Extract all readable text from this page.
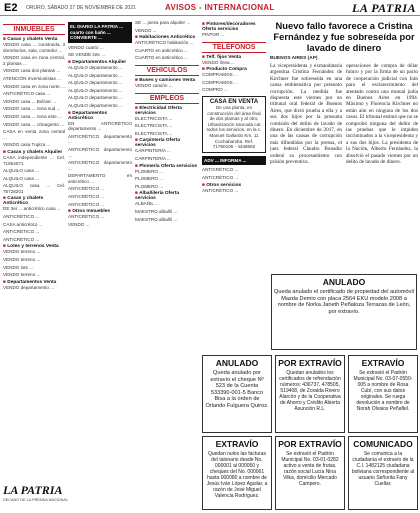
E2 ORURO, SÁBADO 27 DE NOVIEMBRE DE 2021	AVISOS - INTERNACIONAL	LA PATRIA
INMUEBLES
■ Casas y chalets Venta
VENDO casa ... construida, 3 dormitorios, sala, comedor ...
VENDO casa en zona central, 2 plantas ...
VENDO casa dos plantas ...
ATENCIÓN Inversionistas ...
VENDO casa en zona norte ...
ANTICRÉTICO casa ...
VENDO casa ... Bolívar ...
VENDO casa ... zona sud ...
VENDO casa ... zona este ...
VENDO casa ... c/Sargento ...
CASA en venta zona central ...
VENDO casa Tupiza ...
■ Casas y chalets Alquiler
CASA independiente ... Cel. 71854071
ALQUILO casa ...
ALQUILO casa ...
ALQUILO casa ... Cel. 75728201
■ Casas y chalets Anticrético
DE 3er ... anticrético casa ...
ANTICRÉTICO ...
CASA anticrético ...
ANTICRÉTICO ...
ANTICRÉTICO ...
■ Lotes y terrenos Venta
VENDO terreno ...
VENDO terreno ...
VENDO lote ...
VENDO terreno ...
■ Departamentos Venta
VENDO departamento ...
LA PATRIA
DECANO DE LA PRENSA NACIONAL
EL DIARIO LA PATRIA ... cuarto con baño ... CONVIERTE ...
VENDO cuarto ...
SE VENDE lote ...
■ Departamentos Alquiler
ALQUILO departamento ...
ALQUILO departamento ...
ALQUILO departamento ...
ALQUILO departamento ...
ALQUILO departamento ...
ALQUILO departamento ...
■ Departamentos Anticrético
EN ANTICRÉTICO departamento ...
ANTICRÉTICO departamento ...
ANTICRÉTICO departamento ...
ANTICRÉTICO departamento ...
DEPARTAMENTO en anticrético ...
ANTICRÉTICO ...
ANTICRÉTICO ...
ANTICRÉTICO ...
■ Otros Inmuebles
ANTICRÉTICO ...
VENDO ...
SE ... pieza para alquiler ...
VENDO ...
■ Habitaciones Anticrético
ANTICRÉTICO habitación ...
CUARTO en anticrético ...
CUARTO en anticrético ...
VEHÍCULOS
■ Buses y camiones Venta
VENDO camión ...
EMPLEOS
■ Electricidad Oferta servicios
ELECTRICISTA ...
ELECTRICISTA ...
ELECTRICISTA ...
■ Carpintería Oferta servicios
CARPINTERÍA ...
CARPINTERÍA ...
■ Plomería Oferta servicios
PLOMERO ...
PLOMERO ...
PLOMERO ...
■ Albañilería Oferta servicios
ALBAÑIL ...
MAESTRO albañil ...
MAESTRO albañil ...
■ Pintores/decoradores Oferta servicios
PINTOR ...
TELÉFONOS
■ Telf. fijos Venta
VENDO línea ...
■ Producto Compra
COMPRAMOS ...
COMPRAMOS ...
COMPRO ...
CASA EN VENTA
De una planta, en construcción del área final de dos plantas y al otro, Urbanización sancada cat todos los servicios, en la c. Manuel Gallardo Km. 11 Cochabamba. Ref. 71760106 - 4438682
ADV ... INFORMA ...
ANTICRÉTICO ...
ANTICRÉTICO ...
■ Otros servicios
ANTICRÉTICO ...
Nuevo fallo favorece a Cristina Fernández y fue sobreseída por lavado de dinero
BUENOS AIRES (AP)
La vicepresidenta y exmandataria argentina Cristina Fernández de Kirchner fue sobreseída en una causa emblemática por presunto corrupción. La medida fue dispuesta este viernes por un tribunal oral federal de Buenos Aires, que dictó prueba a ella y a sus dos hijos por la presunta comisión del delito de lavado de dinero. En diciembre de 2017, en una de las causas de corrupción más difundidas por la prensa, el juez federal Claudio Bonadio ordenó su procesamiento con prisión preventiva.
operaciones de compra de dólar futuro y por la firma de un pacto de cooperación judicial con Irán para el esclarecimiento del atentado contra una mutual judía en Buenos Aires en 1994. Máximo y Florencia Kirchner no están aún en ninguna de los dos casos. El tribunal estimó que no se comprobó ninguna del delito de las pruebas que le impiden incriminados a la vicepresidenta y a sus dos hijos. La presidenta de la Nación, Alberto Fernández, la absolvió el pasado viernes por un delito de lavado de dinero.
ANULADO
Queda anulado el certificado de propiedad del automóvil Mazda Demio con placa 2564 EKU modelo 2008 a nombre de Norka Janeth Peñaloza Terrazas de León, por extravío.
ANULADO
Queda anulado por extravío el cheque Nº 523 de la Cuenta 533390-001-5 Banco Bisa a la orden de Orlando Fulguera Quiroz.
POR EXTRAVÍO
Quedan anulados los certificados de refrendación números: 436737, 478505, 519408, de Zoraida Rivero Alarcón y de la Cooperativa de Ahorro y Crédito Abierta Asunción R.L.
EXTRAVÍO
Se extravió el Padrón Municipal No. 03-07-0550-005 a nombre de Rosa Cubí, con sus datos originales. Se ruega devolución a nombre de Norah Olvaios Peñaflel.
EXTRAVÍO
Quedan nulos las facturas del talonario desde No. 000001 al 000050 y cheques del No. 000061 hasta 000080 a nombre de Jesús Iván López Aguilar, a razón de José Miguel Valencia Rodríguez.
POR EXTRAVÍO
Se extravió el Padrón Municipal No. 03-01-0282 activo a venta de frutas, razón social Lucía Nina Vilka, domicilio Mercado Campero.
COMUNICADO
Se comunica a la ciudadanía el extravío de la C.I. 1482125 ciudadana boliviana correspondiente al usuario Señorita Fany Cuellar.
